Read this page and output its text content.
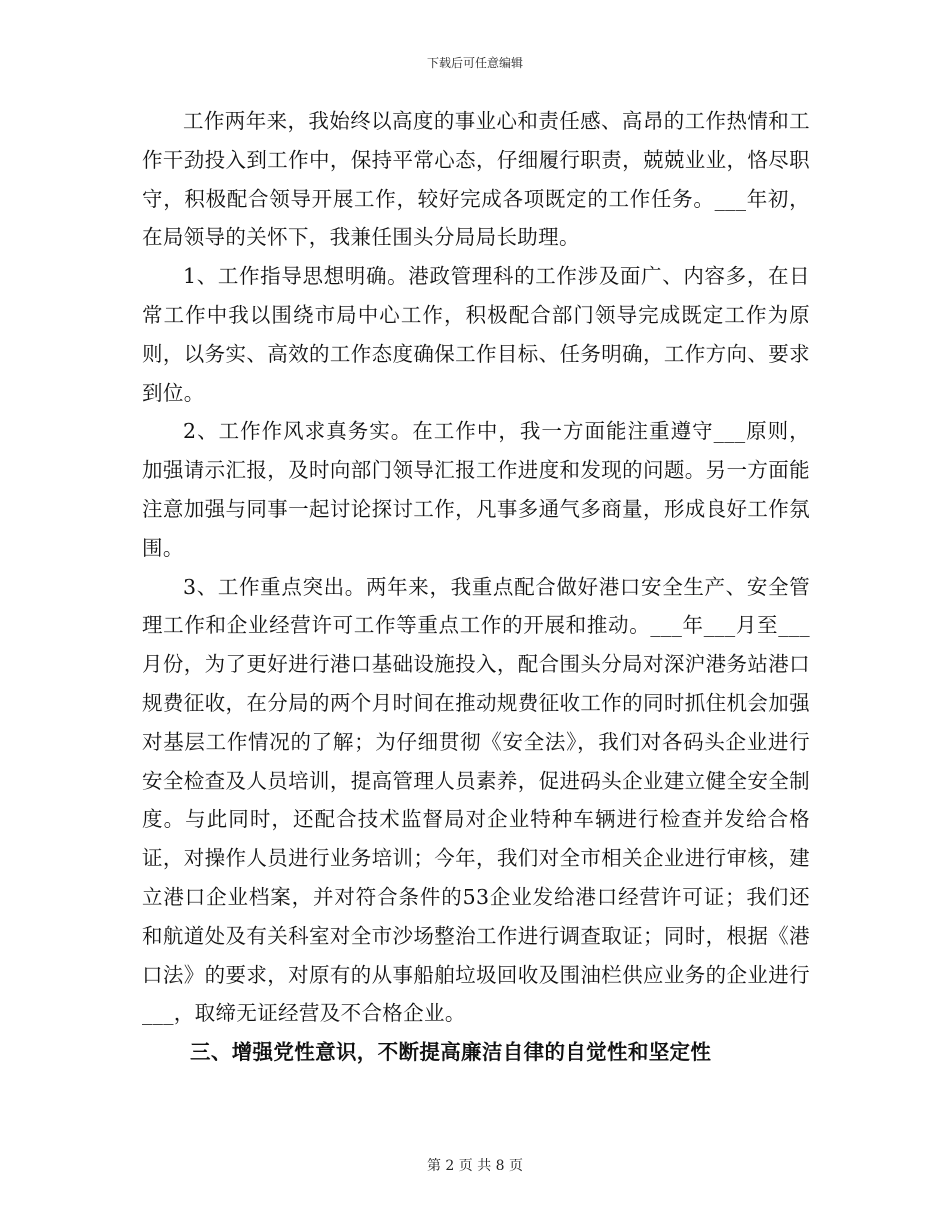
下载后可任意编辑

工作两年来，我始终以高度的事业心和责任感、高昂的工作热情和工作干劲投入到工作中，保持平常心态，仔细履行职责，兢兢业业，恪尽职守，积极配合领导开展工作，较好完成各项既定的工作任务。___年初，在局领导的关怀下，我兼任围头分局局长助理。

1、工作指导思想明确。港政管理科的工作涉及面广、内容多，在日常工作中我以围绕市局中心工作，积极配合部门领导完成既定工作为原则，以务实、高效的工作态度确保工作目标、任务明确，工作方向、要求到位。

2、工作作风求真务实。在工作中，我一方面能注重遵守___原则，加强请示汇报，及时向部门领导汇报工作进度和发现的问题。另一方面能注意加强与同事一起讨论探讨工作，凡事多通气多商量，形成良好工作氛围。

3、工作重点突出。两年来，我重点配合做好港口安全生产、安全管理工作和企业经营许可工作等重点工作的开展和推动。___年___月至___月份，为了更好进行港口基础设施投入，配合围头分局对深沪港务站港口规费征收，在分局的两个月时间在推动规费征收工作的同时抓住机会加强对基层工作情况的了解；为仔细贯彻《安全法》，我们对各码头企业进行安全检查及人员培训，提高管理人员素养，促进码头企业建立健全安全制度。与此同时，还配合技术监督局对企业特种车辆进行检查并发给合格证，对操作人员进行业务培训；今年，我们对全市相关企业进行审核，建立港口企业档案，并对符合条件的53企业发给港口经营许可证；我们还和航道处及有关科室对全市沙场整治工作进行调查取证；同时，根据《港口法》的要求，对原有的从事船舶垃圾回收及围油栏供应业务的企业进行___，取缔无证经营及不合格企业。

三、增强党性意识，不断提高廉洁自律的自觉性和坚定性

第 2 页 共 8 页
